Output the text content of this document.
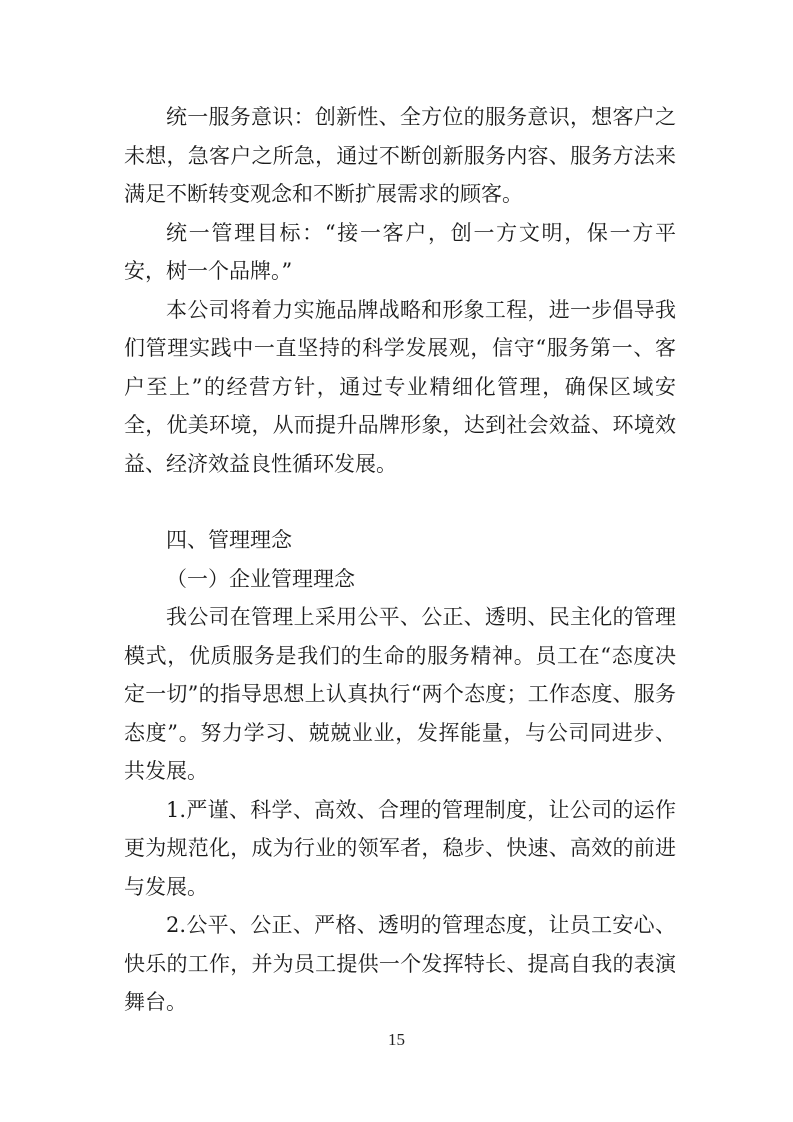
统一服务意识：创新性、全方位的服务意识，想客户之未想，急客户之所急，通过不断创新服务内容、服务方法来满足不断转变观念和不断扩展需求的顾客。

统一管理目标：“接一客户，创一方文明，保一方平安，树一个品牌。”

本公司将着力实施品牌战略和形象工程，进一步倡导我们管理实践中一直坚持的科学发展观，信守“服务第一、客户至上”的经营方针，通过专业精细化管理，确保区域安全，优美环境，从而提升品牌形象，达到社会效益、环境效益、经济效益良性循环发展。

四、管理理念

（一）企业管理理念

我公司在管理上采用公平、公正、透明、民主化的管理模式，优质服务是我们的生命的服务精神。员工在“态度决定一切”的指导思想上认真执行“两个态度；工作态度、服务态度”。努力学习、兢兢业业，发挥能量，与公司同进步、共发展。

1.严谨、科学、高效、合理的管理制度，让公司的运作更为规范化，成为行业的领军者，稳步、快速、高效的前进与发展。

2.公平、公正、严格、透明的管理态度，让员工安心、快乐的工作，并为员工提供一个发挥特长、提高自我的表演舞台。

15
